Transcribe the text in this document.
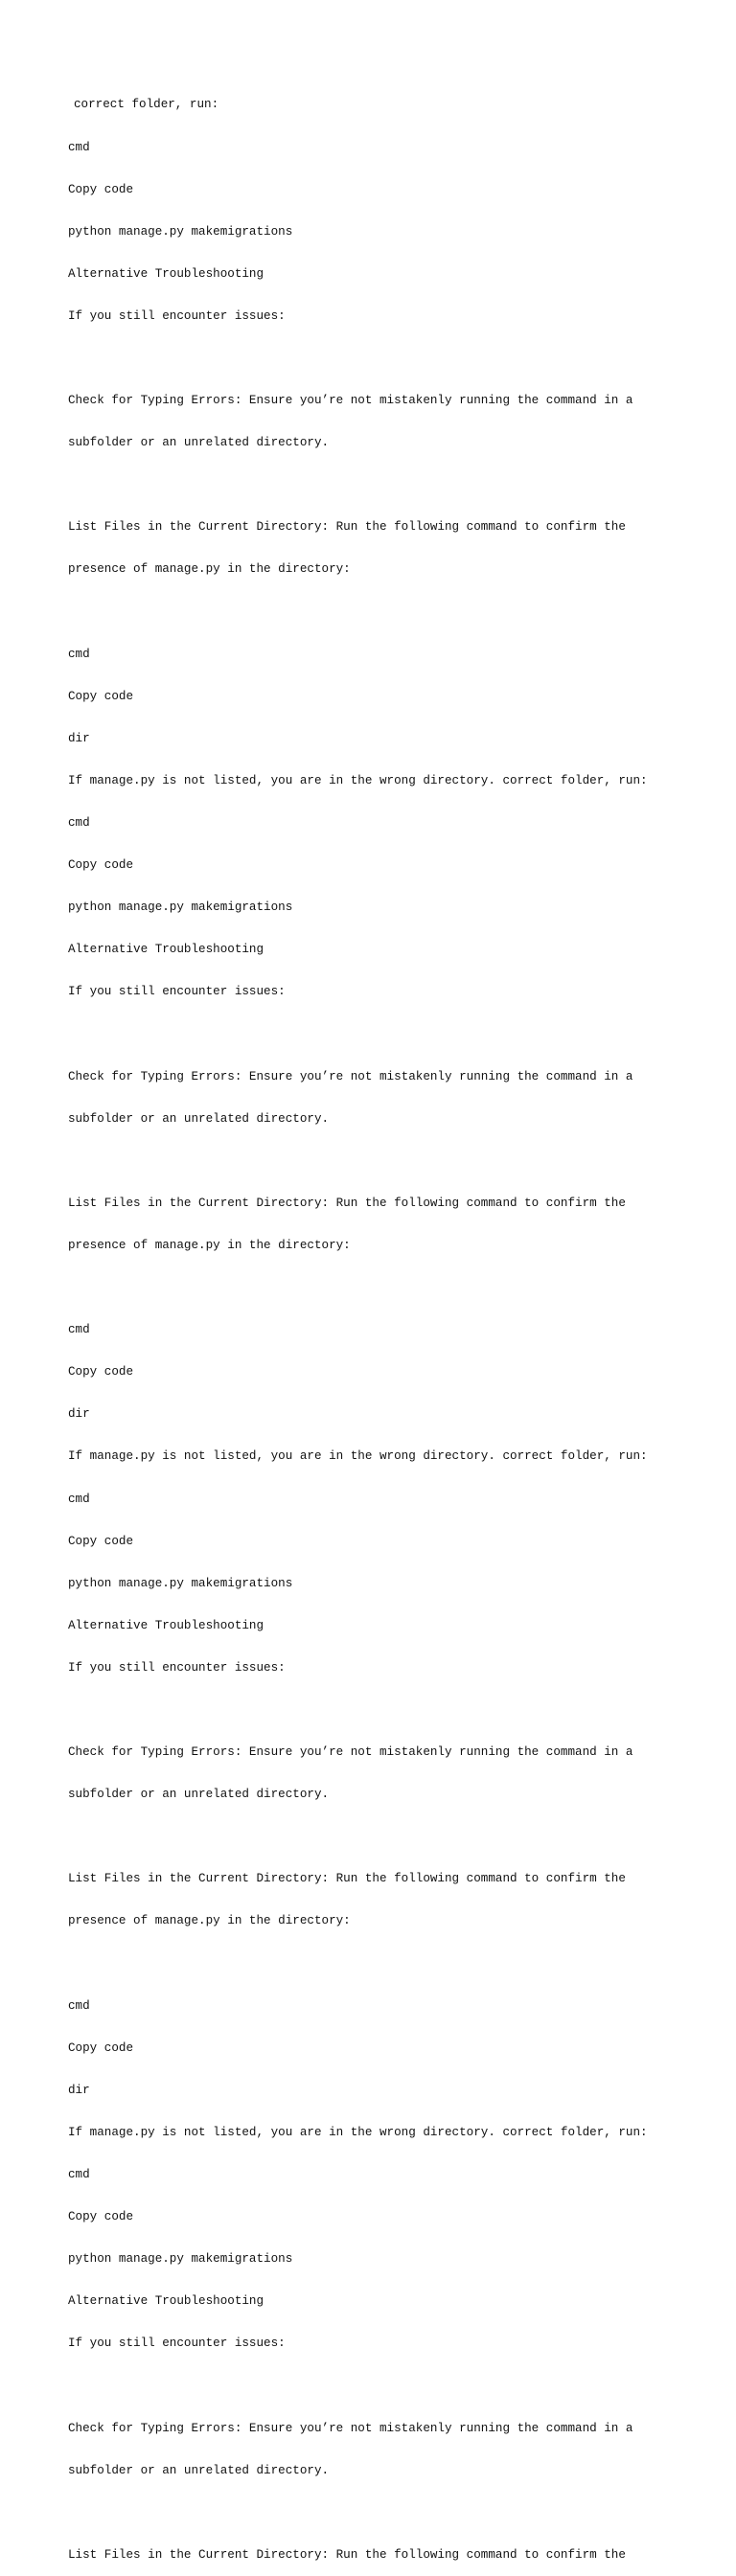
correct folder, run:

cmd

Copy code

python manage.py makemigrations

Alternative Troubleshooting

If you still encounter issues:

Check for Typing Errors: Ensure you’re not mistakenly running the command in a

subfolder or an unrelated directory.

List Files in the Current Directory: Run the following command to confirm the

presence of manage.py in the directory:

cmd

Copy code

dir

If manage.py is not listed, you are in the wrong directory. correct folder, run:

cmd

Copy code

python manage.py makemigrations

Alternative Troubleshooting

If you still encounter issues:

Check for Typing Errors: Ensure you’re not mistakenly running the command in a

subfolder or an unrelated directory.

List Files in the Current Directory: Run the following command to confirm the

presence of manage.py in the directory:

cmd

Copy code

dir

If manage.py is not listed, you are in the wrong directory. correct folder, run:

cmd

Copy code

python manage.py makemigrations

Alternative Troubleshooting

If you still encounter issues:

Check for Typing Errors: Ensure you’re not mistakenly running the command in a

subfolder or an unrelated directory.

List Files in the Current Directory: Run the following command to confirm the

presence of manage.py in the directory:

cmd

Copy code

dir

If manage.py is not listed, you are in the wrong directory. correct folder, run:

cmd

Copy code

python manage.py makemigrations

Alternative Troubleshooting

If you still encounter issues:

Check for Typing Errors: Ensure you’re not mistakenly running the command in a

subfolder or an unrelated directory.

List Files in the Current Directory: Run the following command to confirm the
